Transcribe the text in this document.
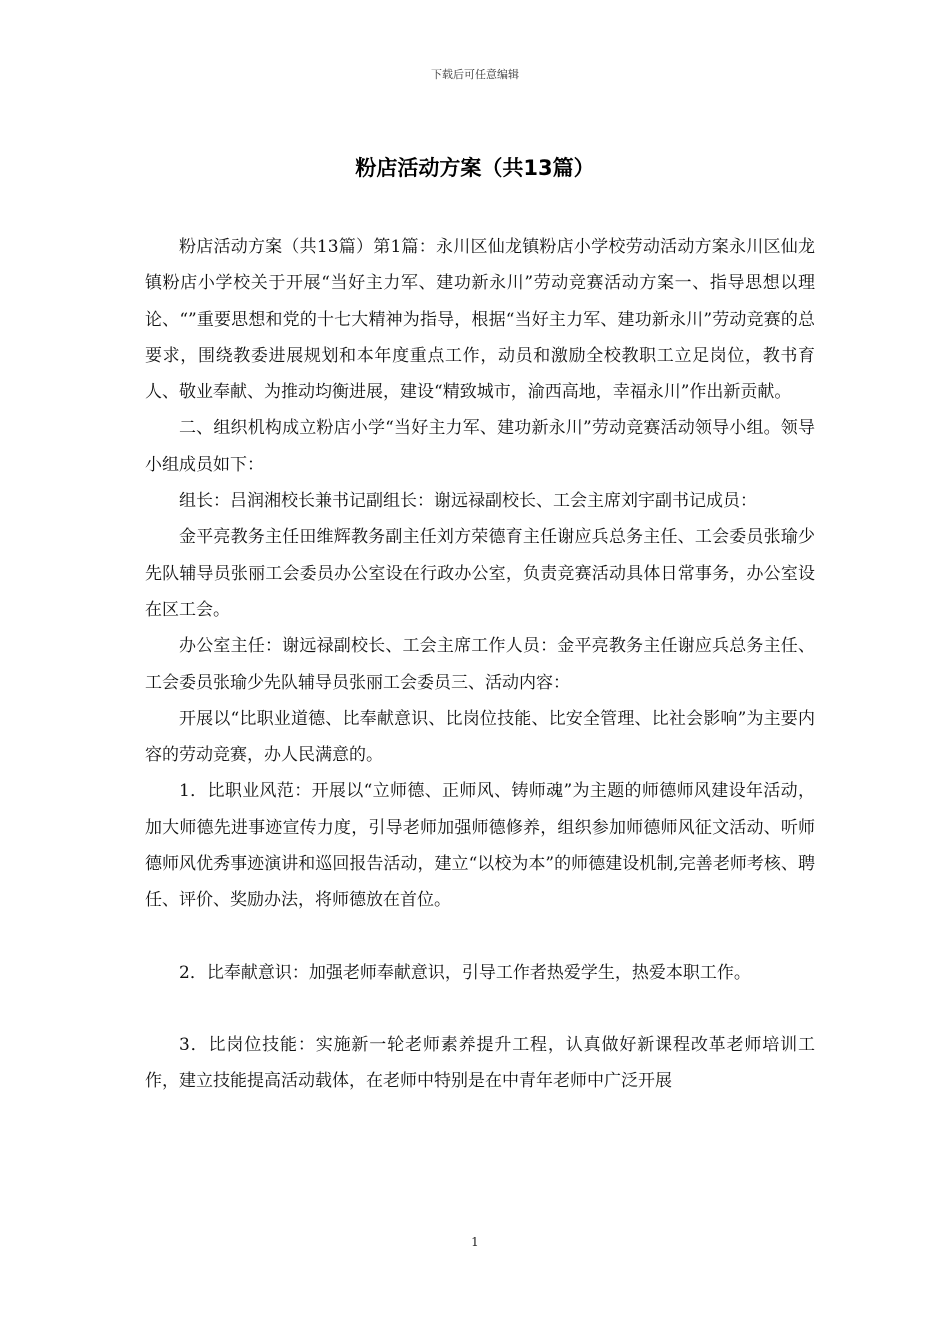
下载后可任意编辑
粉店活动方案（共13篇）

粉店活动方案（共13篇）第1篇：永川区仙龙镇粉店小学校劳动活动方案永川区仙龙镇粉店小学校关于开展“当好主力军、建功新永川”劳动竞赛活动方案一、指导思想以理论、“”重要思想和党的十七大精神为指导，根据“当好主力军、建功新永川”劳动竞赛的总要求，围绕教委进展规划和本年度重点工作，动员和激励全校教职工立足岗位，教书育人、敬业奉献、为推动均衡进展，建设“精致城市，渝西高地，幸福永川”作出新贡献。

二、组织机构成立粉店小学“当好主力军、建功新永川”劳动竞赛活动领导小组。领导小组成员如下：

组长：吕润湘校长兼书记副组长：谢远禄副校长、工会主席刘宇副书记成员：

金平亮教务主任田维辉教务副主任刘方荣德育主任谢应兵总务主任、工会委员张瑜少先队辅导员张丽工会委员办公室设在行政办公室，负责竞赛活动具体日常事务，办公室设在区工会。

办公室主任：谢远禄副校长、工会主席工作人员：金平亮教务主任谢应兵总务主任、工会委员张瑜少先队辅导员张丽工会委员三、活动内容：

开展以“比职业道德、比奉献意识、比岗位技能、比安全管理、比社会影响”为主要内容的劳动竞赛，办人民满意的。

1．比职业风范：开展以“立师德、正师风、铸师魂”为主题的师德师风建设年活动，加大师德先进事迹宣传力度，引导老师加强师德修养，组织参加师德师风征文活动、听师德师风优秀事迹演讲和巡回报告活动，建立“以校为本”的师德建设机制,完善老师考核、聘任、评价、奖励办法，将师德放在首位。

2．比奉献意识：加强老师奉献意识，引导工作者热爱学生，热爱本职工作。

3．比岗位技能：实施新一轮老师素养提升工程，认真做好新课程改革老师培训工作，建立技能提高活动载体，在老师中特别是在中青年老师中广泛开展

1
